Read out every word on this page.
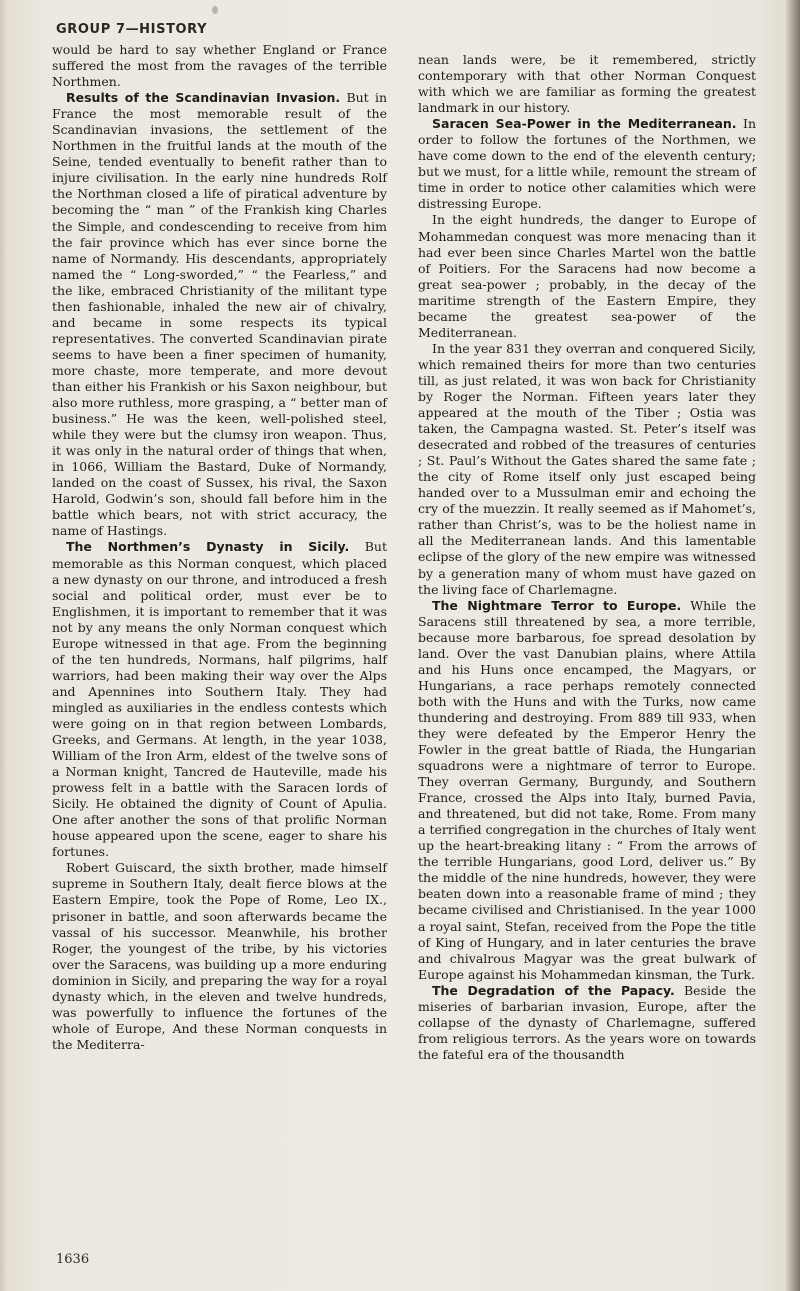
GROUP 7—HISTORY

would be hard to say whether England or France suffered the most from the ravages of the terrible Northmen.

Results of the Scandinavian Invasion. But in France the most memorable result of the Scandinavian invasions, the settlement of the Northmen in the fruitful lands at the mouth of the Seine, tended eventually to benefit rather than to injure civilisation. In the early nine hundreds Rolf the Northman closed a life of piratical adventure by becoming the “ man ” of the Frankish king Charles the Simple, and condescending to receive from him the fair province which has ever since borne the name of Normandy. His descendants, appropriately named the “ Long-sworded,” “ the Fearless,” and the like, embraced Christianity of the militant type then fashionable, inhaled the new air of chivalry, and became in some respects its typical representatives. The converted Scandinavian pirate seems to have been a finer specimen of humanity, more chaste, more temperate, and more devout than either his Frankish or his Saxon neighbour, but also more ruthless, more grasping, a “ better man of business.” He was the keen, well-polished steel, while they were but the clumsy iron weapon. Thus, it was only in the natural order of things that when, in 1066, William the Bastard, Duke of Normandy, landed on the coast of Sussex, his rival, the Saxon Harold, Godwin’s son, should fall before him in the battle which bears, not with strict accuracy, the name of Hastings.

The Northmen’s Dynasty in Sicily. But memorable as this Norman conquest, which placed a new dynasty on our throne, and introduced a fresh social and political order, must ever be to Englishmen, it is important to remember that it was not by any means the only Norman conquest which Europe witnessed in that age. From the beginning of the ten hundreds, Normans, half pilgrims, half warriors, had been making their way over the Alps and Apennines into Southern Italy. They had mingled as auxiliaries in the endless contests which were going on in that region between Lombards, Greeks, and Germans. At length, in the year 1038, William of the Iron Arm, eldest of the twelve sons of a Norman knight, Tancred de Hauteville, made his prowess felt in a battle with the Saracen lords of Sicily. He obtained the dignity of Count of Apulia. One after another the sons of that prolific Norman house appeared upon the scene, eager to share his fortunes.

Robert Guiscard, the sixth brother, made himself supreme in Southern Italy, dealt fierce blows at the Eastern Empire, took the Pope of Rome, Leo IX., prisoner in battle, and soon afterwards became the vassal of his successor. Meanwhile, his brother Roger, the youngest of the tribe, by his victories over the Saracens, was building up a more enduring dominion in Sicily, and preparing the way for a royal dynasty which, in the eleven and twelve hundreds, was powerfully to influence the fortunes of the whole of Europe, And these Norman conquests in the Mediterra-

nean lands were, be it remembered, strictly contemporary with that other Norman Conquest with which we are familiar as forming the greatest landmark in our history.

Saracen Sea-Power in the Mediterranean. In order to follow the fortunes of the Northmen, we have come down to the end of the eleventh century; but we must, for a little while, remount the stream of time in order to notice other calamities which were distressing Europe.

In the eight hundreds, the danger to Europe of Mohammedan conquest was more menacing than it had ever been since Charles Martel won the battle of Poitiers. For the Saracens had now become a great sea-power ; probably, in the decay of the maritime strength of the Eastern Empire, they became the greatest sea-power of the Mediterranean.

In the year 831 they overran and conquered Sicily, which remained theirs for more than two centuries till, as just related, it was won back for Christianity by Roger the Norman. Fifteen years later they appeared at the mouth of the Tiber ; Ostia was taken, the Campagna wasted. St. Peter’s itself was desecrated and robbed of the treasures of centuries ; St. Paul’s Without the Gates shared the same fate ; the city of Rome itself only just escaped being handed over to a Mussulman emir and echoing the cry of the muezzin. It really seemed as if Mahomet’s, rather than Christ’s, was to be the holiest name in all the Mediterranean lands. And this lamentable eclipse of the glory of the new empire was witnessed by a generation many of whom must have gazed on the living face of Charlemagne.

The Nightmare Terror to Europe. While the Saracens still threatened by sea, a more terrible, because more barbarous, foe spread desolation by land. Over the vast Danubian plains, where Attila and his Huns once encamped, the Magyars, or Hungarians, a race perhaps remotely connected both with the Huns and with the Turks, now came thundering and destroying. From 889 till 933, when they were defeated by the Emperor Henry the Fowler in the great battle of Riada, the Hungarian squadrons were a nightmare of terror to Europe. They overran Germany, Burgundy, and Southern France, crossed the Alps into Italy, burned Pavia, and threatened, but did not take, Rome. From many a terrified congregation in the churches of Italy went up the heart-breaking litany : “ From the arrows of the terrible Hungarians, good Lord, deliver us.” By the middle of the nine hundreds, however, they were beaten down into a reasonable frame of mind ; they became civilised and Christianised. In the year 1000 a royal saint, Stefan, received from the Pope the title of King of Hungary, and in later centuries the brave and chivalrous Magyar was the great bulwark of Europe against his Mohammedan kinsman, the Turk.

The Degradation of the Papacy. Beside the miseries of barbarian invasion, Europe, after the collapse of the dynasty of Charlemagne, suffered from religious terrors. As the years wore on towards the fateful era of the thousandth

1636
